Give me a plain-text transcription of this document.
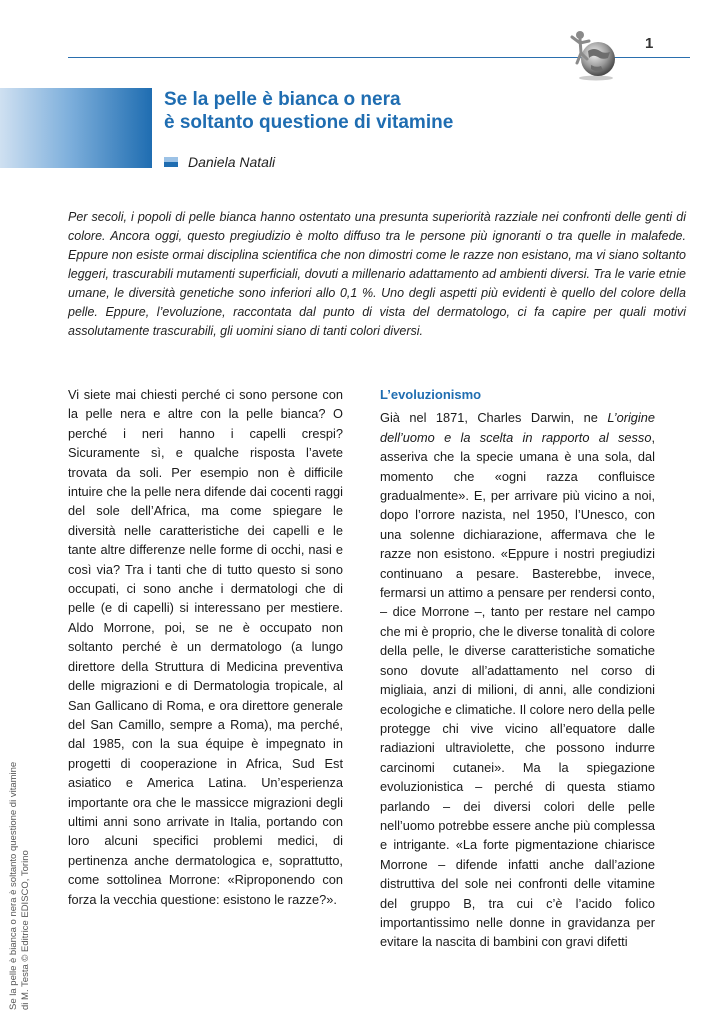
1
Se la pelle è bianca o nera
è soltanto questione di vitamine
Daniela Natali

Per secoli, i popoli di pelle bianca hanno ostentato una presunta superiorità razziale nei confronti delle genti di colore. Ancora oggi, questo pregiudizio è molto diffuso tra le persone più ignoranti o tra quelle in malafede. Eppure non esiste ormai disciplina scientifica che non dimostri come le razze non esistano, ma vi siano soltanto leggeri, trascurabili mutamenti superficiali, dovuti a millenario adattamento ad ambienti diversi. Tra le varie etnie umane, le diversità genetiche sono inferiori allo 0,1 %. Uno degli aspetti più evidenti è quello del colore della pelle. Eppure, l’evoluzione, raccontata dal punto di vista del dermatologo, ci fa capire per quali motivi assolutamente trascurabili, gli uomini siano di tanti colori diversi.

Vi siete mai chiesti perché ci sono persone con la pelle nera e altre con la pelle bianca? O perché i neri hanno i capelli crespi? Sicuramente sì, e qualche risposta l’avete trovata da soli. Per esempio non è difficile intuire che la pelle nera difende dai cocenti raggi del sole dell’Africa, ma come spiegare le diversità nelle caratteristiche dei capelli e le tante altre differenze nelle forme di occhi, nasi e così via? Tra i tanti che di tutto questo si sono occupati, ci sono anche i dermatologi che di pelle (e di capelli) si interessano per mestiere. Aldo Morrone, poi, se ne è occupato non soltanto perché è un dermatologo (a lungo direttore della Struttura di Medicina preventiva delle migrazioni e di Dermatologia tropicale, al San Gallicano di Roma, e ora direttore generale del San Camillo, sempre a Roma), ma perché, dal 1985, con la sua équipe è impegnato in progetti di cooperazione in Africa, Sud Est asiatico e America Latina. Un’esperienza importante ora che le massicce migrazioni degli ultimi anni sono arrivate in Italia, portando con loro alcuni specifici problemi medici, di pertinenza anche dermatologica e, soprattutto, come sottolinea Morrone: «Riproponendo con forza la vecchia questione: esistono le razze?».

L’evoluzionismo

Già nel 1871, Charles Darwin, ne L’origine dell’uomo e la scelta in rapporto al sesso, asseriva che la specie umana è una sola, dal momento che «ogni razza confluisce gradualmente». E, per arrivare più vicino a noi, dopo l’orrore nazista, nel 1950, l’Unesco, con una solenne dichiarazione, affermava che le razze non esistono. «Eppure i nostri pregiudizi continuano a pesare. Basterebbe, invece, fermarsi un attimo a pensare per rendersi conto, – dice Morrone –, tanto per restare nel campo che mi è proprio, che le diverse tonalità di colore della pelle, le diverse caratteristiche somatiche sono dovute all’adattamento nel corso di migliaia, anzi di milioni, di anni, alle condizioni ecologiche e climatiche. Il colore nero della pelle protegge chi vive vicino all’equatore dalle radiazioni ultraviolette, che possono indurre carcinomi cutanei». Ma la spiegazione evoluzionistica – perché di questa stiamo parlando – dei diversi colori delle pelle nell’uomo potrebbe essere anche più complessa e intrigante. «La forte pigmentazione chiarisce Morrone – difende infatti anche dall’azione distruttiva del sole nei confronti delle vitamine del gruppo B, tra cui c’è l’acido folico importantissimo nelle donne in gravidanza per evitare la nascita di bambini con gravi difetti

Se la pelle è bianca o nera è soltanto questione di vitamine di M. Testa © Editrice EDISCO, Torino
